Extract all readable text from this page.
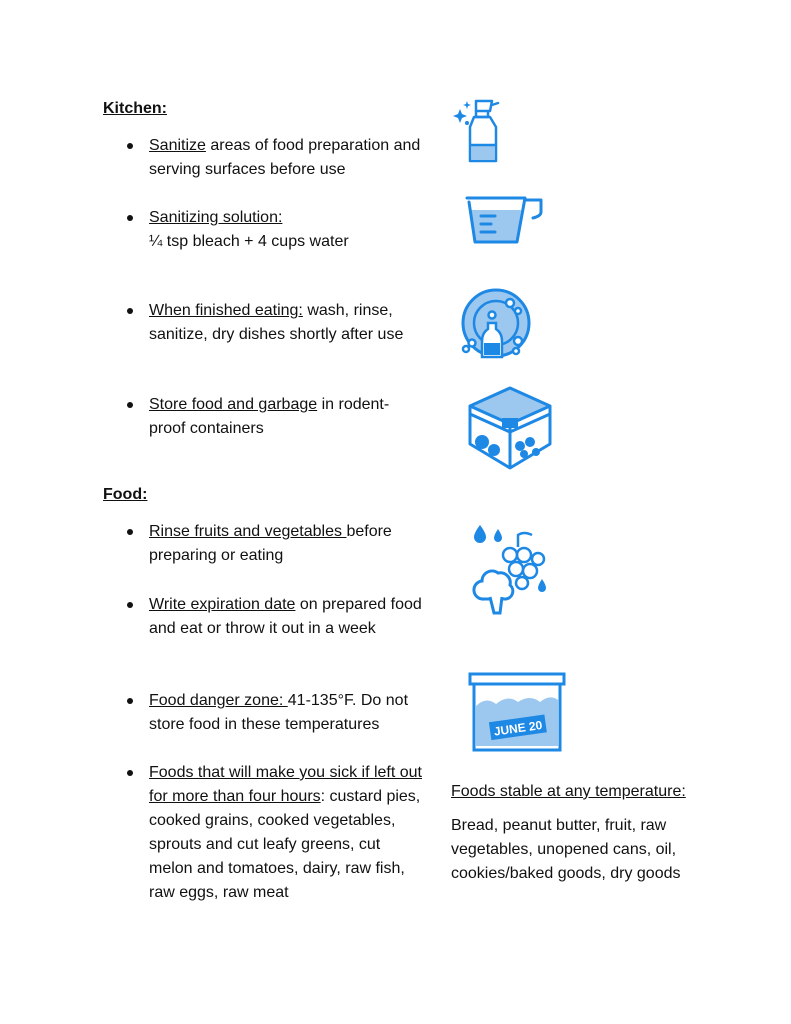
Kitchen:
Sanitize areas of food preparation and serving surfaces before use
Sanitizing solution:
¼ tsp bleach + 4 cups water
When finished eating: wash, rinse, sanitize, dry dishes shortly after use
Store food and garbage in rodent-proof containers
Food:
Rinse fruits and vegetables before preparing or eating
Write expiration date on prepared food and eat or throw it out in a week
Food danger zone: 41-135°F. Do not store food in these temperatures
Foods that will make you sick if left out for more than four hours: custard pies, cooked grains, cooked vegetables, sprouts and cut leafy greens, cut melon and tomatoes, dairy, raw fish, raw eggs, raw meat
Foods stable at any temperature:
Bread, peanut butter, fruit, raw vegetables, unopened cans, oil, cookies/baked goods, dry goods
JUNE 20
